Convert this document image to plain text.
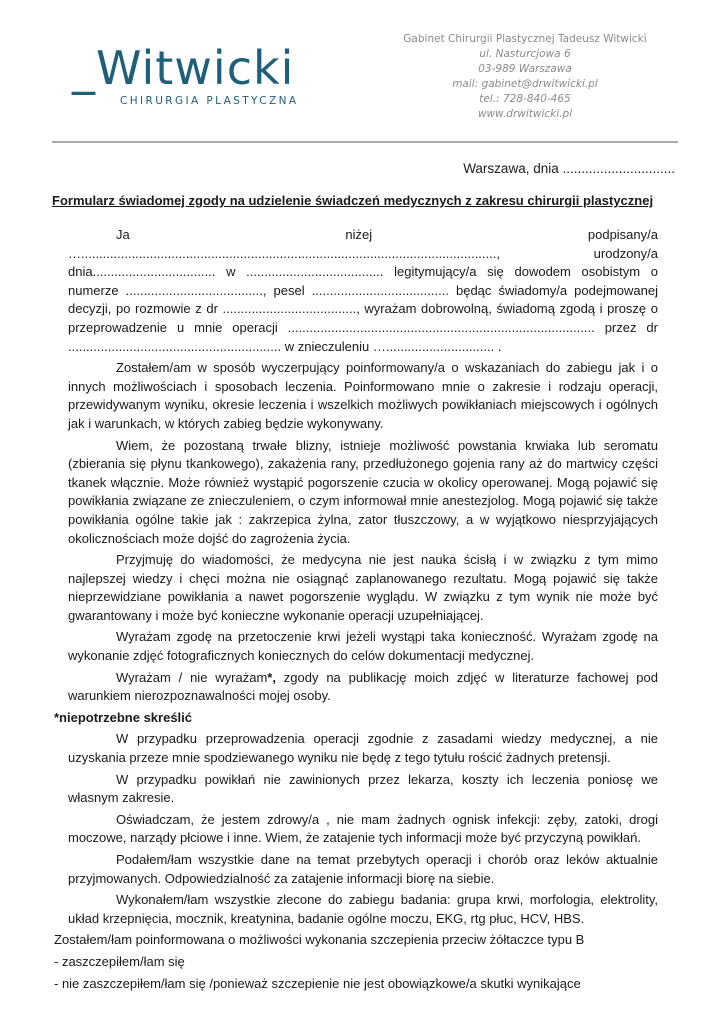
_Witwicki
CHIRURGIA PLASTYCZNA
Gabinet Chirurgii Plastycznej Tadeusz Witwicki
ul. Nasturcjowa 6
03-989 Warszawa
mail: gabinet@drwitwicki.pl
tel.: 728-840-465
www.drwitwicki.pl
Warszawa, dnia ..............................
Formularz świadomej zgody na udzielenie świadczeń medycznych z zakresu chirurgii plastycznej

Ja niżej podpisany/a …..................................................................................................................., urodzony/a dnia.................................. w ...................................... legitymujący/a się dowodem osobistym o numerze ......................................, pesel ...................................... będąc świadomy/a podejmowanej decyzji, po rozmowie z dr ....................................., wyrażam dobrowolną, świadomą zgodą i proszę o przeprowadzenie u mnie operacji ..................................................................................... przez dr ........................................................... w znieczuleniu ….............................. .

Zostałem/am w sposób wyczerpujący poinformowany/a o wskazaniach do zabiegu jak i o innych możliwościach i sposobach leczenia. Poinformowano mnie o zakresie i rodzaju operacji, przewidywanym wyniku, okresie leczenia i wszelkich możliwych powikłaniach miejscowych i ogólnych jak i warunkach, w których zabieg będzie wykonywany.

Wiem, że pozostaną trwałe blizny, istnieje możliwość powstania krwiaka lub seromatu (zbierania się płynu tkankowego), zakażenia rany, przedłużonego gojenia rany aż do martwicy części tkanek włącznie. Może również wystąpić pogorszenie czucia w okolicy operowanej. Mogą pojawić się powikłania związane ze znieczuleniem, o czym informował mnie anestezjolog. Mogą pojawić się także powikłania ogólne takie jak : zakrzepica żylna, zator tłuszczowy, a w wyjątkowo niesprzyjających okolicznościach może dojść do zagrożenia życia.

Przyjmuję do wiadomości, że medycyna nie jest nauka ścisłą i w związku z tym mimo najlepszej wiedzy i chęci można nie osiągnąć zaplanowanego rezultatu. Mogą pojawić się także nieprzewidziane powikłania a nawet pogorszenie wyglądu. W związku z tym wynik nie może być gwarantowany i może być konieczne wykonanie operacji uzupełniającej.

Wyrażam zgodę na przetoczenie krwi jeżeli wystąpi taka konieczność. Wyrażam zgodę na wykonanie zdjęć fotograficznych koniecznych do celów dokumentacji medycznej.

Wyrażam / nie wyrażam*, zgody na publikację moich zdjęć w literaturze fachowej pod warunkiem nierozpoznawalności mojej osoby.

*niepotrzebne skreślić

W przypadku przeprowadzenia operacji zgodnie z zasadami wiedzy medycznej, a nie uzyskania przeze mnie spodziewanego wyniku nie będę z tego tytułu rościć żadnych pretensji.

W przypadku powikłań nie zawinionych przez lekarza, koszty ich leczenia poniosę we własnym zakresie.

Oświadczam, że jestem zdrowy/a , nie mam żadnych ognisk infekcji: zęby, zatoki, drogi moczowe, narządy płciowe i inne. Wiem, że zatajenie tych informacji może być przyczyną powikłań.

Podałem/łam wszystkie dane na temat przebytych operacji i chorób oraz leków aktualnie przyjmowanych. Odpowiedzialność za zatajenie informacji biorę na siebie.

Wykonałem/łam wszystkie zlecone do zabiegu badania: grupa krwi, morfologia, elektrolity, układ krzepnięcia, mocznik, kreatynina, badanie ogólne moczu, EKG, rtg płuc, HCV, HBS.

Zostałem/łam poinformowana o możliwości wykonania szczepienia przeciw żółtaczce typu B

- zaszczepiłem/łam się

- nie zaszczepiłem/łam się /ponieważ szczepienie nie jest obowiązkowe/a skutki wynikające
